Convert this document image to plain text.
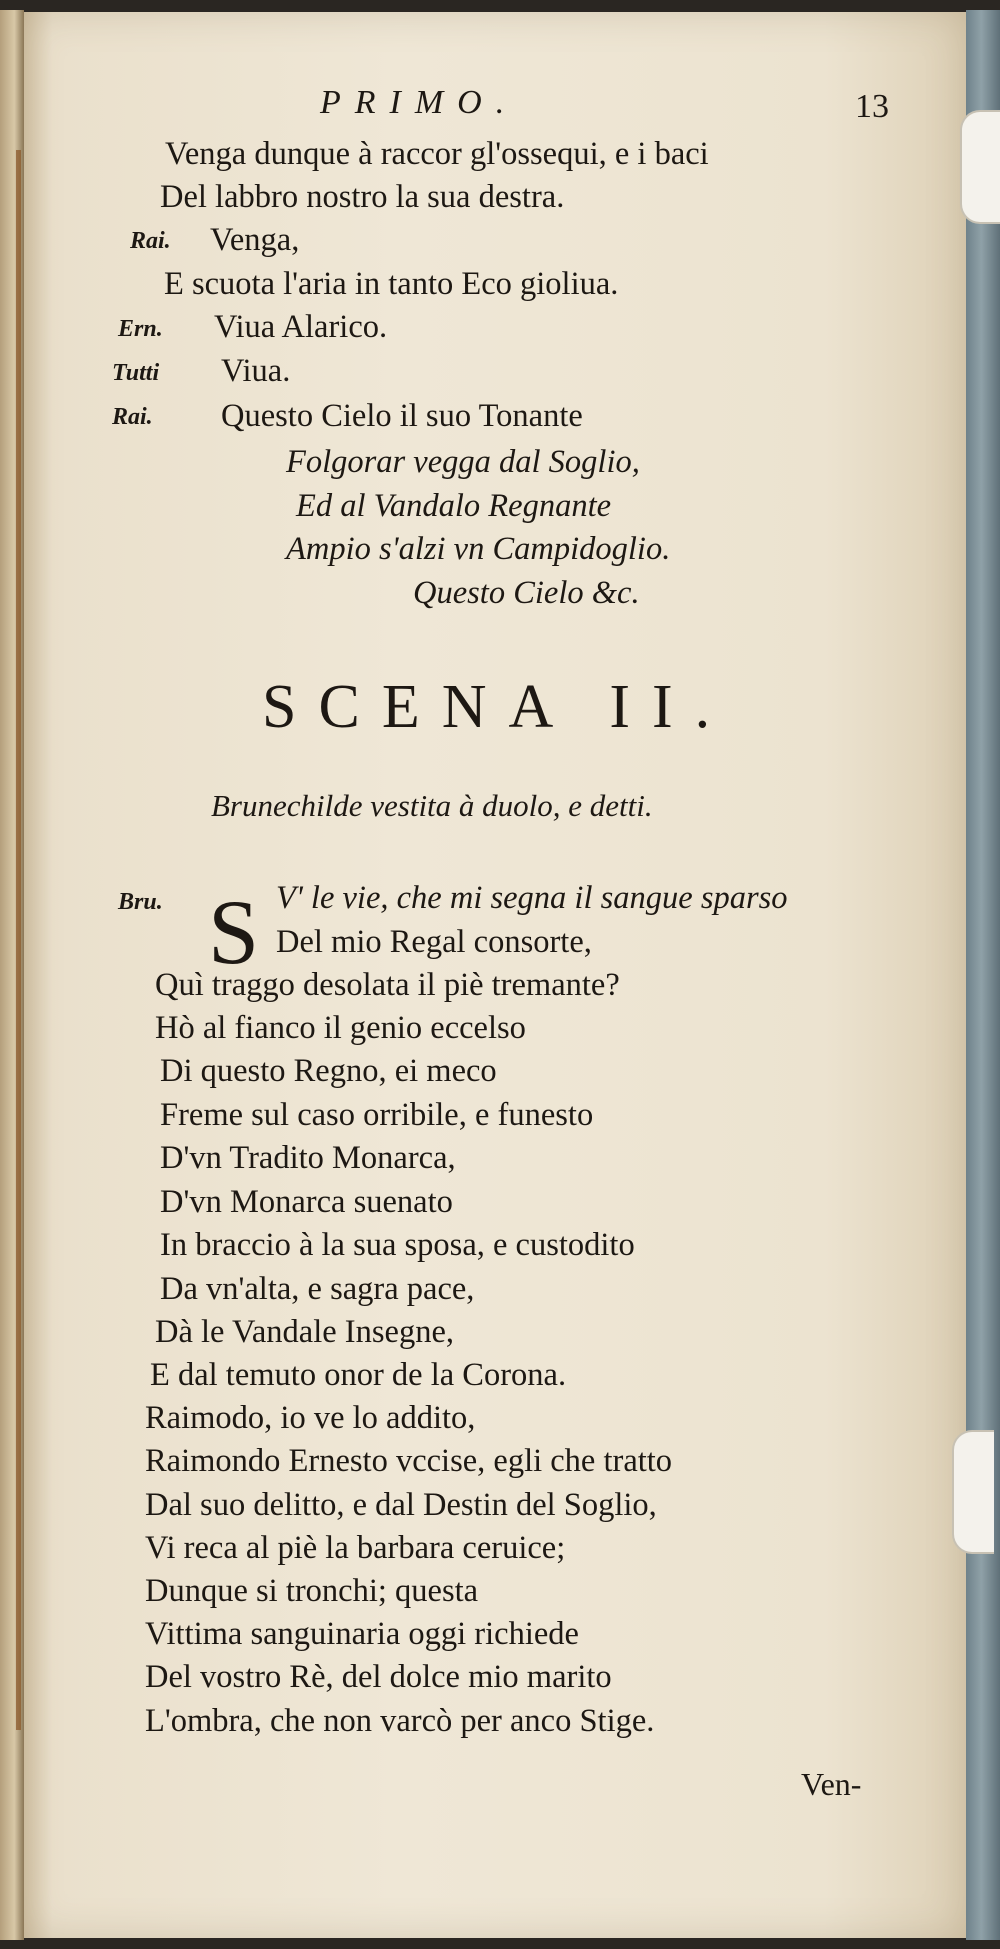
PRIMO.	13
Venga dunque à raccor gl'ossequi, e i baci
Del labbro nostro la sua destra.
Rai. Venga,
E scuota l'aria in tanto Eco gioliua.
Ern. Viua Alarico.
Tutti Viua.
Rai. Questo Cielo il suo Tonante
Folgorar vegga dal Soglio,
Ed al Vandalo Regnante
Ampio s'alzi vn Campidoglio.
Questo Cielo &c.
SCENA II.
Brunechilde vestita à duolo, e detti.
Bru. S V' le vie, che mi segna il sangue sparso
Del mio Regal consorte,
Quì traggo desolata il piè tremante?
Hò al fianco il genio eccelso
Di questo Regno, ei meco
Freme sul caso orribile, e funesto
D'vn Tradito Monarca,
D'vn Monarca suenato
In braccio à la sua sposa, e custodito
Da vn'alta, e sagra pace,
Dà le Vandale Insegne,
E dal temuto onor de la Corona.
Raimodo, io ve lo addito,
Raimondo Ernesto vccise, egli che tratto
Dal suo delitto, e dal Destin del Soglio,
Vi reca al piè la barbara ceruice;
Dunque si tronchi; questa
Vittima sanguinaria oggi richiede
Del vostro Rè, del dolce mio marito
L'ombra, che non varcò per anco Stige.
Ven-
